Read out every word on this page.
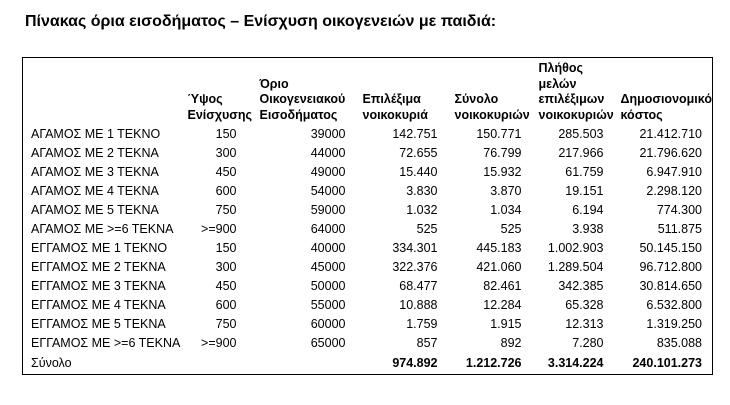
Πίνακας όρια εισοδήματος – Ενίσχυση οικογενειών με παιδιά:
	Ύψος
Ενίσχυσης	Όριο
Οικογενειακού
Εισοδήματος	Επιλέξιμα
νοικοκυριά	Σύνολο
νοικοκυριών	Πλήθος
μελών
επιλέξιμων
νοικοκυριών	Δημοσιονομικό
κόστος
ΑΓΑΜΟΣ ΜΕ 1 ΤΕΚΝΟ	150	39000	142.751	150.771	285.503	21.412.710
ΑΓΑΜΟΣ ΜΕ 2 ΤΕΚΝΑ	300	44000	72.655	76.799	217.966	21.796.620
ΑΓΑΜΟΣ ΜΕ 3 ΤΕΚΝΑ	450	49000	15.440	15.932	61.759	6.947.910
ΑΓΑΜΟΣ ΜΕ 4 ΤΕΚΝΑ	600	54000	3.830	3.870	19.151	2.298.120
ΑΓΑΜΟΣ ΜΕ 5 ΤΕΚΝΑ	750	59000	1.032	1.034	6.194	774.300
ΑΓΑΜΟΣ ΜΕ >=6 ΤΕΚΝΑ	>=900	64000	525	525	3.938	511.875
ΕΓΓΑΜΟΣ ΜΕ 1 ΤΕΚΝΟ	150	40000	334.301	445.183	1.002.903	50.145.150
ΕΓΓΑΜΟΣ ΜΕ 2 ΤΕΚΝΑ	300	45000	322.376	421.060	1.289.504	96.712.800
ΕΓΓΑΜΟΣ ΜΕ 3 ΤΕΚΝΑ	450	50000	68.477	82.461	342.385	30.814.650
ΕΓΓΑΜΟΣ ΜΕ 4 ΤΕΚΝΑ	600	55000	10.888	12.284	65.328	6.532.800
ΕΓΓΑΜΟΣ ΜΕ 5 ΤΕΚΝΑ	750	60000	1.759	1.915	12.313	1.319.250
ΕΓΓΑΜΟΣ ΜΕ >=6 ΤΕΚΝΑ	>=900	65000	857	892	7.280	835.088
Σύνολο			974.892	1.212.726	3.314.224	240.101.273
